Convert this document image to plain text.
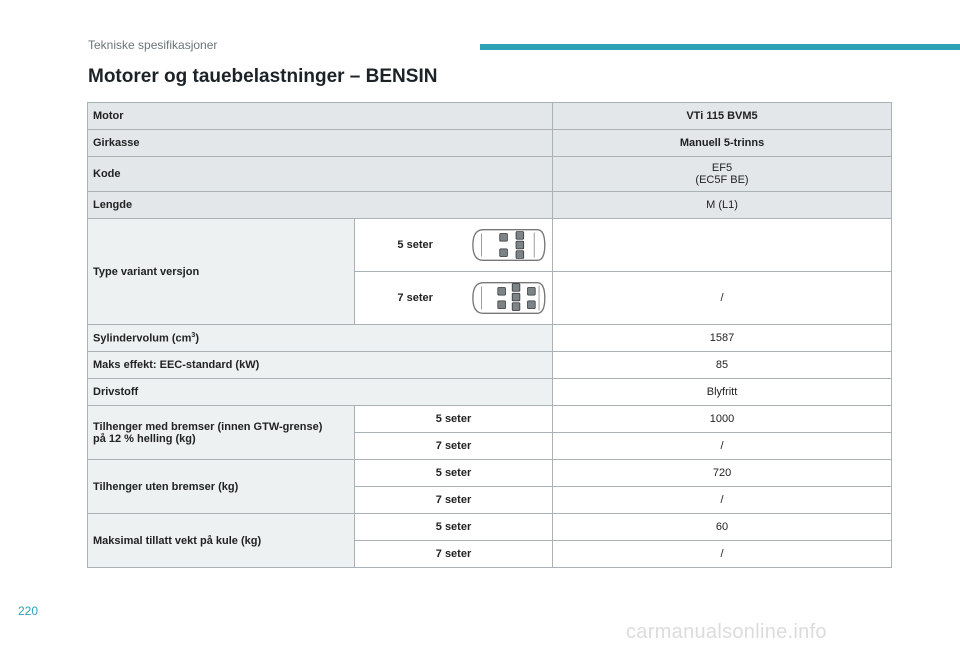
Tekniske spesifikasjoner
Motorer og tauebelastninger – BENSIN
Motor		VTi 115 BVM5
Girkasse		Manuell 5-trinns
Kode		EF5
(EC5F BE)

Lengde		M (L1)
Type variant versjon	5 seter	

	7 seter	/
Sylindervolum $(cm^3)$		1587
Maks effekt: EEC-standard (kW)		85
Drivstoff		Blyfritt

Tilhenger med bremser (innen GTW-grense)
på 12 % helling (kg)	5 seter	1000
	7 seter	/
Tilhenger uten bremser (kg)	5 seter	720
	7 seter	/
Maksimal tillatt vekt på kule (kg)	5 seter	60
	7 seter	/
220
carmanualsonline.info
